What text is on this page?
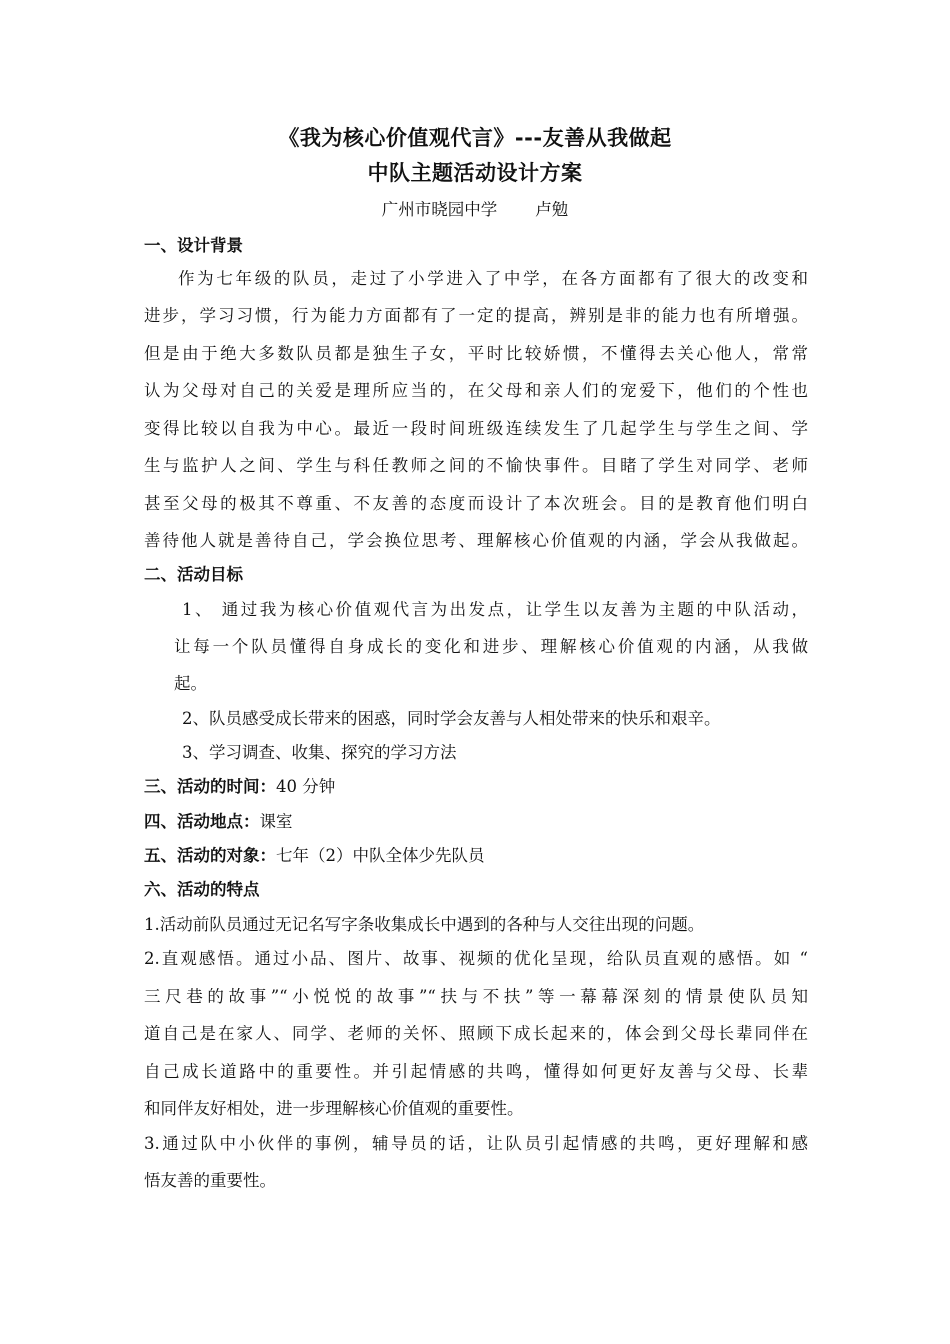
《我为核心价值观代言》---友善从我做起
中队主题活动设计方案
广州市晓园中学 卢勉
一、设计背景
作为七年级的队员，走过了小学进入了中学，在各方面都有了很大的改变和
进步，学习习惯，行为能力方面都有了一定的提高，辨别是非的能力也有所增强。
但是由于绝大多数队员都是独生子女，平时比较娇惯，不懂得去关心他人，常常
认为父母对自己的关爱是理所应当的，在父母和亲人们的宠爱下，他们的个性也
变得比较以自我为中心。最近一段时间班级连续发生了几起学生与学生之间、学
生与监护人之间、学生与科任教师之间的不愉快事件。目睹了学生对同学、老师
甚至父母的极其不尊重、不友善的态度而设计了本次班会。目的是教育他们明白
善待他人就是善待自己，学会换位思考、理解核心价值观的内涵，学会从我做起。
二、活动目标
1、 通过我为核心价值观代言为出发点，让学生以友善为主题的中队活动，
让每一个队员懂得自身成长的变化和进步、理解核心价值观的内涵，从我做
起。
2、队员感受成长带来的困惑，同时学会友善与人相处带来的快乐和艰辛。
3、学习调查、收集、探究的学习方法
三、活动的时间：40 分钟
四、活动地点：课室
五、活动的对象：七年（2）中队全体少先队员
六、活动的特点
1.活动前队员通过无记名写字条收集成长中遇到的各种与人交往出现的问题。
2.直观感悟。通过小品、图片、故事、视频的优化呈现，给队员直观的感悟。如 “
三尺巷的故事”“小悦悦的故事”“扶与不扶”等一幕幕深刻的情景使队员知
道自己是在家人、同学、老师的关怀、照顾下成长起来的，体会到父母长辈同伴在
自己成长道路中的重要性。并引起情感的共鸣，懂得如何更好友善与父母、长辈
和同伴友好相处，进一步理解核心价值观的重要性。
3.通过队中小伙伴的事例，辅导员的话，让队员引起情感的共鸣，更好理解和感
悟友善的重要性。
